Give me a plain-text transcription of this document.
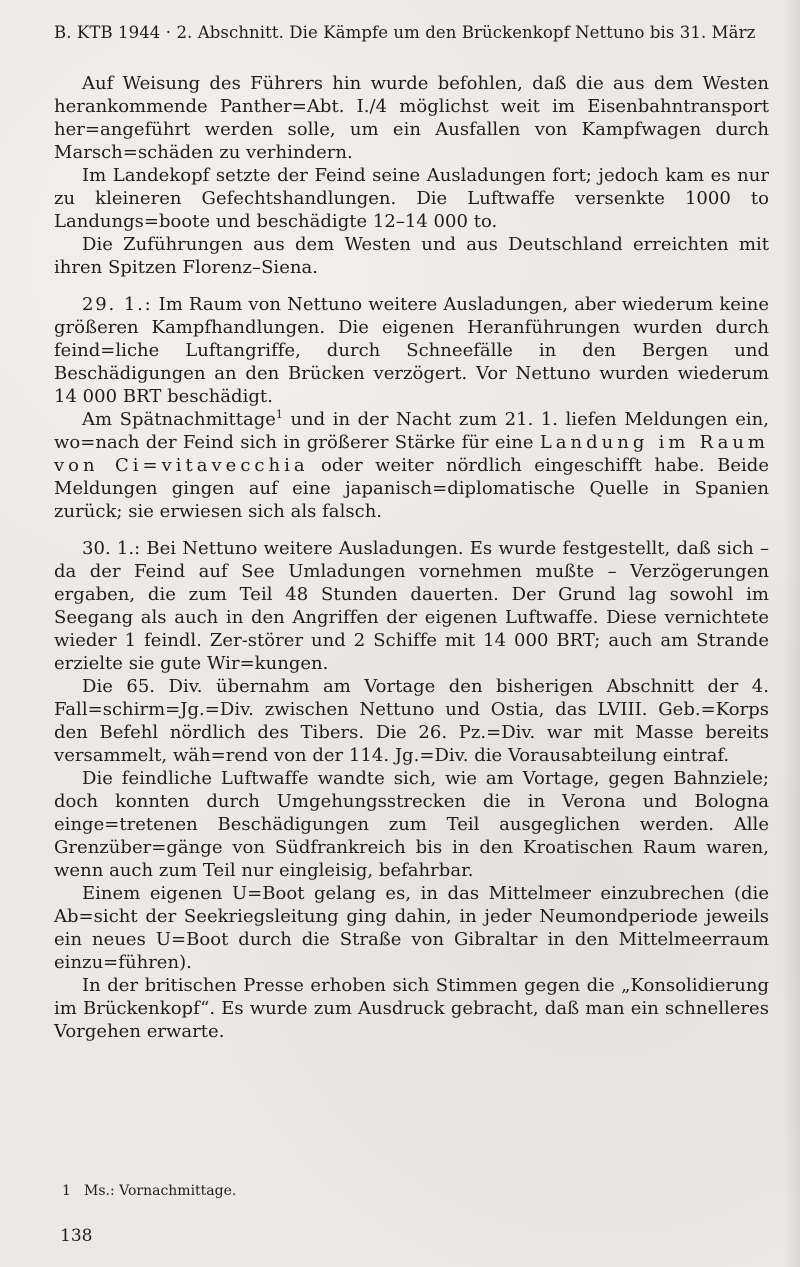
B. KTB 1944 · 2. Abschnitt. Die Kämpfe um den Brückenkopf Nettuno bis 31. März

Auf Weisung des Führers hin wurde befohlen, daß die aus dem Westen herankommende Panther=Abt. I./4 möglichst weit im Eisenbahntransport her=angeführt werden solle, um ein Ausfallen von Kampfwagen durch Marsch=schäden zu verhindern.

Im Landekopf setzte der Feind seine Ausladungen fort; jedoch kam es nur zu kleineren Gefechtshandlungen. Die Luftwaffe versenkte 1000 to Landungs=boote und beschädigte 12–14 000 to.

Die Zuführungen aus dem Westen und aus Deutschland erreichten mit ihren Spitzen Florenz–Siena.

29. 1.: Im Raum von Nettuno weitere Ausladungen, aber wiederum keine größeren Kampfhandlungen. Die eigenen Heranführungen wurden durch feind=liche Luftangriffe, durch Schneefälle in den Bergen und Beschädigungen an den Brücken verzögert. Vor Nettuno wurden wiederum 14 000 BRT beschädigt.

Am Spätnachmittage$^1$ und in der Nacht zum 21. 1. liefen Meldungen ein, wo=nach der Feind sich in größerer Stärke für eine Landung im Raum von Ci=vitavecchia oder weiter nördlich eingeschifft habe. Beide Meldungen gingen auf eine japanisch=diplomatische Quelle in Spanien zurück; sie erwiesen sich als falsch.

30. 1.: Bei Nettuno weitere Ausladungen. Es wurde festgestellt, daß sich – da der Feind auf See Umladungen vornehmen mußte – Verzögerungen ergaben, die zum Teil 48 Stunden dauerten. Der Grund lag sowohl im Seegang als auch in den Angriffen der eigenen Luftwaffe. Diese vernichtete wieder 1 feindl. Zer-störer und 2 Schiffe mit 14 000 BRT; auch am Strande erzielte sie gute Wir=kungen.

Die 65. Div. übernahm am Vortage den bisherigen Abschnitt der 4. Fall=schirm=Jg.=Div. zwischen Nettuno und Ostia, das LVIII. Geb.=Korps den Befehl nördlich des Tibers. Die 26. Pz.=Div. war mit Masse bereits versammelt, wäh=rend von der 114. Jg.=Div. die Vorausabteilung eintraf.

Die feindliche Luftwaffe wandte sich, wie am Vortage, gegen Bahnziele; doch konnten durch Umgehungsstrecken die in Verona und Bologna einge=tretenen Beschädigungen zum Teil ausgeglichen werden. Alle Grenzüber=gänge von Südfrankreich bis in den Kroatischen Raum waren, wenn auch zum Teil nur eingleisig, befahrbar.

Einem eigenen U=Boot gelang es, in das Mittelmeer einzubrechen (die Ab=sicht der Seekriegsleitung ging dahin, in jeder Neumondperiode jeweils ein neues U=Boot durch die Straße von Gibraltar in den Mittelmeerraum einzu=führen).

In der britischen Presse erhoben sich Stimmen gegen die „Konsolidierung im Brückenkopf“. Es wurde zum Ausdruck gebracht, daß man ein schnelleres Vorgehen erwarte.

1 Ms.: Vornachmittage.
138
